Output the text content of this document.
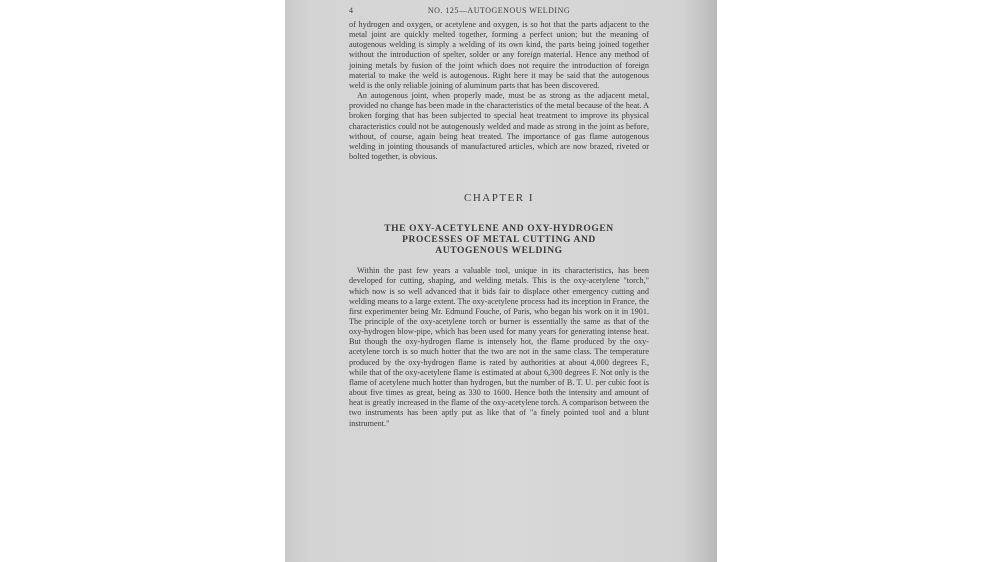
4	NO. 125—AUTOGENOUS WELDING

of hydrogen and oxygen, or acetylene and oxygen, is so hot that the parts adjacent to the metal joint are quickly melted together, forming a perfect union; but the meaning of autogenous welding is simply a welding of its own kind, the parts being joined together without the introduction of spelter, solder or any foreign material. Hence any method of joining metals by fusion of the joint which does not require the introduction of foreign material to make the weld is autogenous. Right here it may be said that the autogenous weld is the only reliable joining of aluminum parts that has been discovered.

An autogenous joint, when properly made, must be as strong as the adjacent metal, provided no change has been made in the characteristics of the metal because of the heat. A broken forging that has been subjected to special heat treatment to improve its physical characteristics could not be autogenously welded and made as strong in the joint as before, without, of course, again being heat treated. The importance of gas flame autogenous welding in jointing thousands of manufactured articles, which are now brazed, riveted or bolted together, is obvious.

CHAPTER I
THE OXY-ACETYLENE AND OXY-HYDROGEN
PROCESSES OF METAL CUTTING AND
AUTOGENOUS WELDING

Within the past few years a valuable tool, unique in its characteristics, has been developed for cutting, shaping, and welding metals. This is the oxy-acetylene "torch," which now is so well advanced that it bids fair to displace other emergency cutting and welding means to a large extent. The oxy-acetylene process had its inception in France, the first experimenter being Mr. Edmund Fouche, of Paris, who began his work on it in 1901. The principle of the oxy-acetylene torch or burner is essentially the same as that of the oxy-hydrogen blow-pipe, which has been used for many years for generating intense heat. But though the oxy-hydrogen flame is intensely hot, the flame produced by the oxy-acetylene torch is so much hotter that the two are not in the same class. The temperature produced by the oxy-hydrogen flame is rated by authorities at about 4,000 degrees F., while that of the oxy-acetylene flame is estimated at about 6,300 degrees F. Not only is the flame of acetylene much hotter than hydrogen, but the number of B. T. U. per cubic foot is about five times as great, being as 330 to 1600. Hence both the intensity and amount of heat is greatly increased in the flame of the oxy-acetylene torch. A comparison between the two instruments has been aptly put as like that of "a finely pointed tool and a blunt instrument."
